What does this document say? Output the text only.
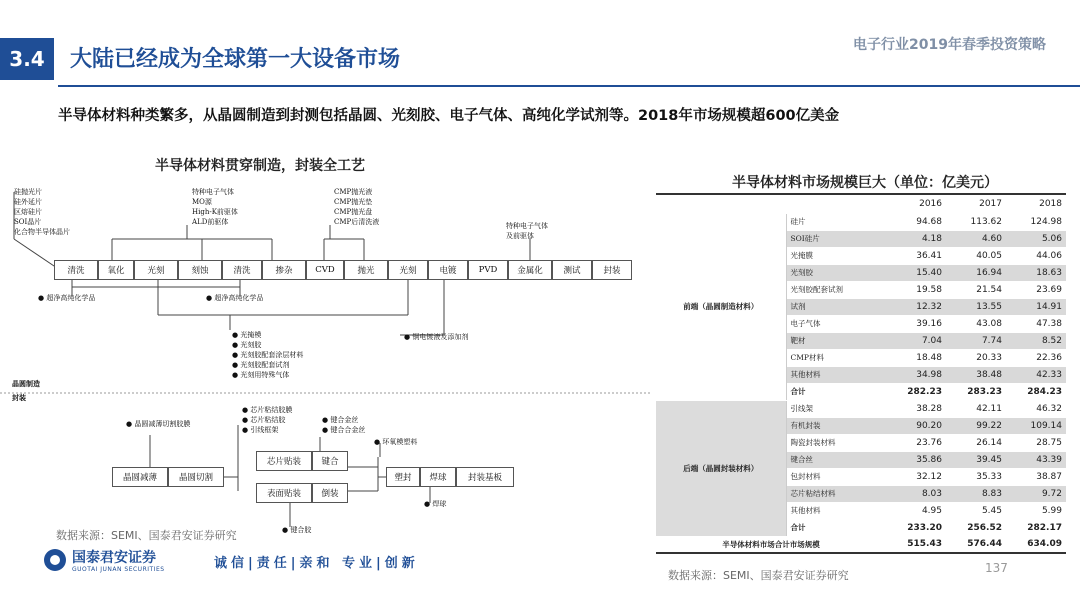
3.4	大陆已经成为全球第一大设备市场
电子行业2019年春季投资策略
半导体材料种类繁多，从晶圆制造到封测包括晶圆、光刻胶、电子气体、高纯化学试剂等。2018年市场规模超600亿美金
半导体材料贯穿制造，封装全工艺
硅抛光片
硅外延片
区熔硅片
SOI晶片
化合物半导体晶片
特种电子气体
MO源
High-K前驱体
ALD前驱体
CMP抛光液
CMP抛光垫
CMP抛光盘
CMP后清洗液	特种电子气体
及前驱体
清洗	氧化	光刻	刻蚀	清洗	掺杂	CVD	抛光	光刻	电镀	PVD	金属化	测试	封装
● 超净高纯化学品	● 超净高纯化学品
● 光掩模
● 光刻胶
● 光刻胶配套涂层材料
● 光刻胶配套试剂
● 光刻用特殊气体
● 铜电镀液及添加剂
晶圆制造
封装
● 晶圆减薄切割胶膜
● 芯片粘结胶膜
● 芯片粘结胶
● 引线框架
● 键合金丝
● 键合合金丝
● 环氧模塑料
晶圆减薄	晶圆切割
芯片贴装	键合
表面贴装	倒装
塑封	焊球	封装基板
● 焊球
● 键合胶
数据来源：SEMI、国泰君安证券研究
半导体材料市场规模巨大（单位：亿美元）
		2016	2017	2018
前端（晶圆制造材料）	硅片	94.68	113.62	124.98
	SOI硅片	4.18	4.60	5.06
	光掩膜	36.41	40.05	44.06
	光刻胶	15.40	16.94	18.63
	光刻胶配套试剂	19.58	21.54	23.69
	试剂	12.32	13.55	14.91
	电子气体	39.16	43.08	47.38
	靶材	7.04	7.74	8.52
	CMP材料	18.48	20.33	22.36
	其他材料	34.98	38.48	42.33
	合计	282.23	283.23	284.23
后端（晶圆封装材料）	引线架	38.28	42.11	46.32
	有机封装	90.20	99.22	109.14
	陶瓷封装材料	23.76	26.14	28.75
	键合丝	35.86	39.45	43.39
	包封材料	32.12	35.33	38.87
	芯片粘结材料	8.03	8.83	9.72
	其他材料	4.95	5.45	5.99
	合计	233.20	256.52	282.17
半导体材料市场合计市场规模		515.43	576.44	634.09
137
数据来源：SEMI、国泰君安证券研究
国泰君安证券
GUOTAI JUNAN SECURITIES	诚信|责任|亲和 专业|创新
